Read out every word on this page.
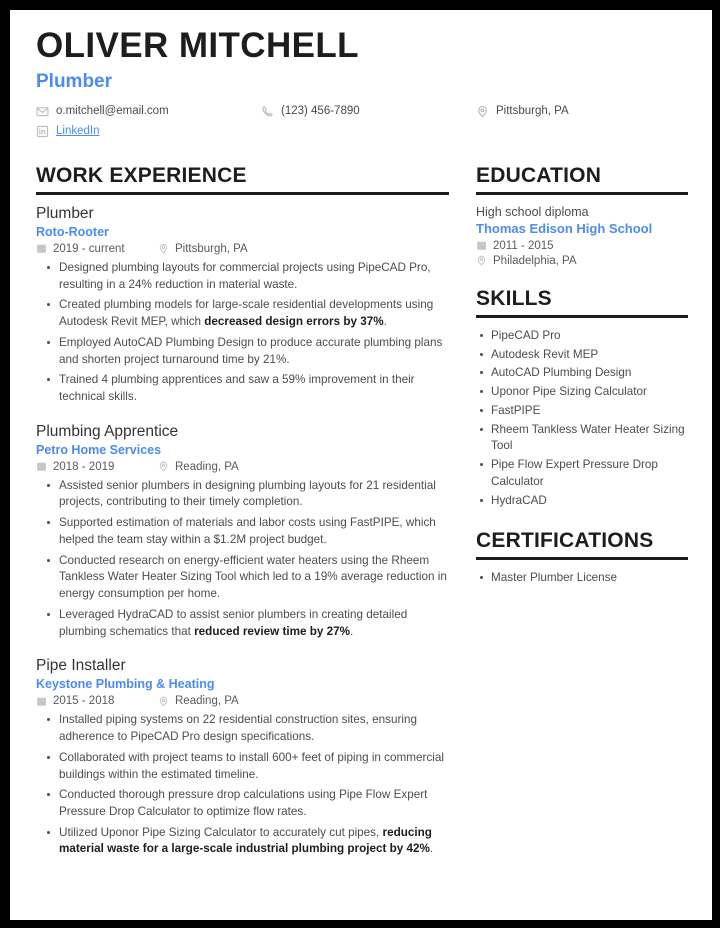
OLIVER MITCHELL
Plumber
o.mitchell@email.com	(123) 456-7890	Pittsburgh, PA
LinkedIn
WORK EXPERIENCE
Plumber
Roto-Rooter
2019 - current	Pittsburgh, PA
Designed plumbing layouts for commercial projects using PipeCAD Pro, resulting in a 24% reduction in material waste.
Created plumbing models for large-scale residential developments using Autodesk Revit MEP, which decreased design errors by 37%.
Employed AutoCAD Plumbing Design to produce accurate plumbing plans and shorten project turnaround time by 21%.
Trained 4 plumbing apprentices and saw a 59% improvement in their technical skills.
Plumbing Apprentice
Petro Home Services
2018 - 2019	Reading, PA
Assisted senior plumbers in designing plumbing layouts for 21 residential projects, contributing to their timely completion.
Supported estimation of materials and labor costs using FastPIPE, which helped the team stay within a $1.2M project budget.
Conducted research on energy-efficient water heaters using the Rheem Tankless Water Heater Sizing Tool which led to a 19% average reduction in energy consumption per home.
Leveraged HydraCAD to assist senior plumbers in creating detailed plumbing schematics that reduced review time by 27%.
Pipe Installer
Keystone Plumbing & Heating
2015 - 2018	Reading, PA
Installed piping systems on 22 residential construction sites, ensuring adherence to PipeCAD Pro design specifications.
Collaborated with project teams to install 600+ feet of piping in commercial buildings within the estimated timeline.
Conducted thorough pressure drop calculations using Pipe Flow Expert Pressure Drop Calculator to optimize flow rates.
Utilized Uponor Pipe Sizing Calculator to accurately cut pipes, reducing material waste for a large-scale industrial plumbing project by 42%.
EDUCATION
High school diploma
Thomas Edison High School
2011 - 2015
Philadelphia, PA
SKILLS
PipeCAD Pro
Autodesk Revit MEP
AutoCAD Plumbing Design
Uponor Pipe Sizing Calculator
FastPIPE
Rheem Tankless Water Heater Sizing Tool
Pipe Flow Expert Pressure Drop Calculator
HydraCAD
CERTIFICATIONS
Master Plumber License
